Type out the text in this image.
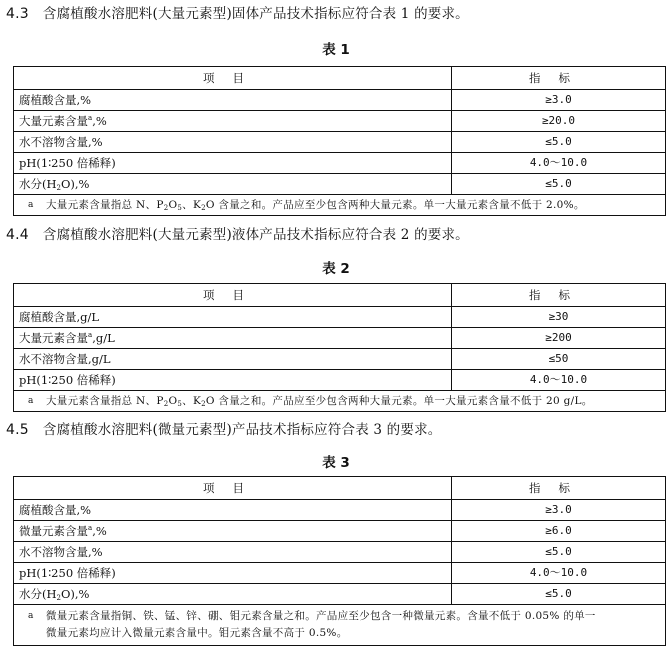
4.3 含腐植酸水溶肥料(大量元素型)固体产品技术指标应符合表 1 的要求。
表 1
项目	指标
腐植酸含量,%	≥3.0
大量元素含量$^a$,%	≥20.0
水不溶物含量,%	≤5.0
pH(1∶250 倍稀释)	4.0～10.0
水分$(H_2O),\%$	≤5.0

a 大量元素含量指总 N、$P_2O_5$、$K_2O$ 含量之和。产品应至少包含两种大量元素。单一大量元素含量不低于 2.0%。	
4.4 含腐植酸水溶肥料(大量元素型)液体产品技术指标应符合表 2 的要求。
表 2
项目	指标
腐植酸含量,g/L	≥30
大量元素含量$^a$,g/L	≥200
水不溶物含量,g/L	≤50
pH(1∶250 倍稀释)	4.0～10.0

a 大量元素含量指总 N、$P_2O_5$、$K_2O$ 含量之和。产品应至少包含两种大量元素。单一大量元素含量不低于 20 g/L。	
4.5 含腐植酸水溶肥料(微量元素型)产品技术指标应符合表 3 的要求。
表 3
项目	指标
腐植酸含量,%	≥3.0
微量元素含量$^a$,%	≥6.0
水不溶物含量,%	≤5.0
pH(1∶250 倍稀释)	4.0～10.0
水分$(H_2O),\%$	≤5.0

a 微量元素含量指铜、铁、锰、锌、硼、钼元素含量之和。产品应至少包含一种微量元素。含量不低于 0.05% 的单一
微量元素均应计入微量元素含量中。钼元素含量不高于 0.5%。	
